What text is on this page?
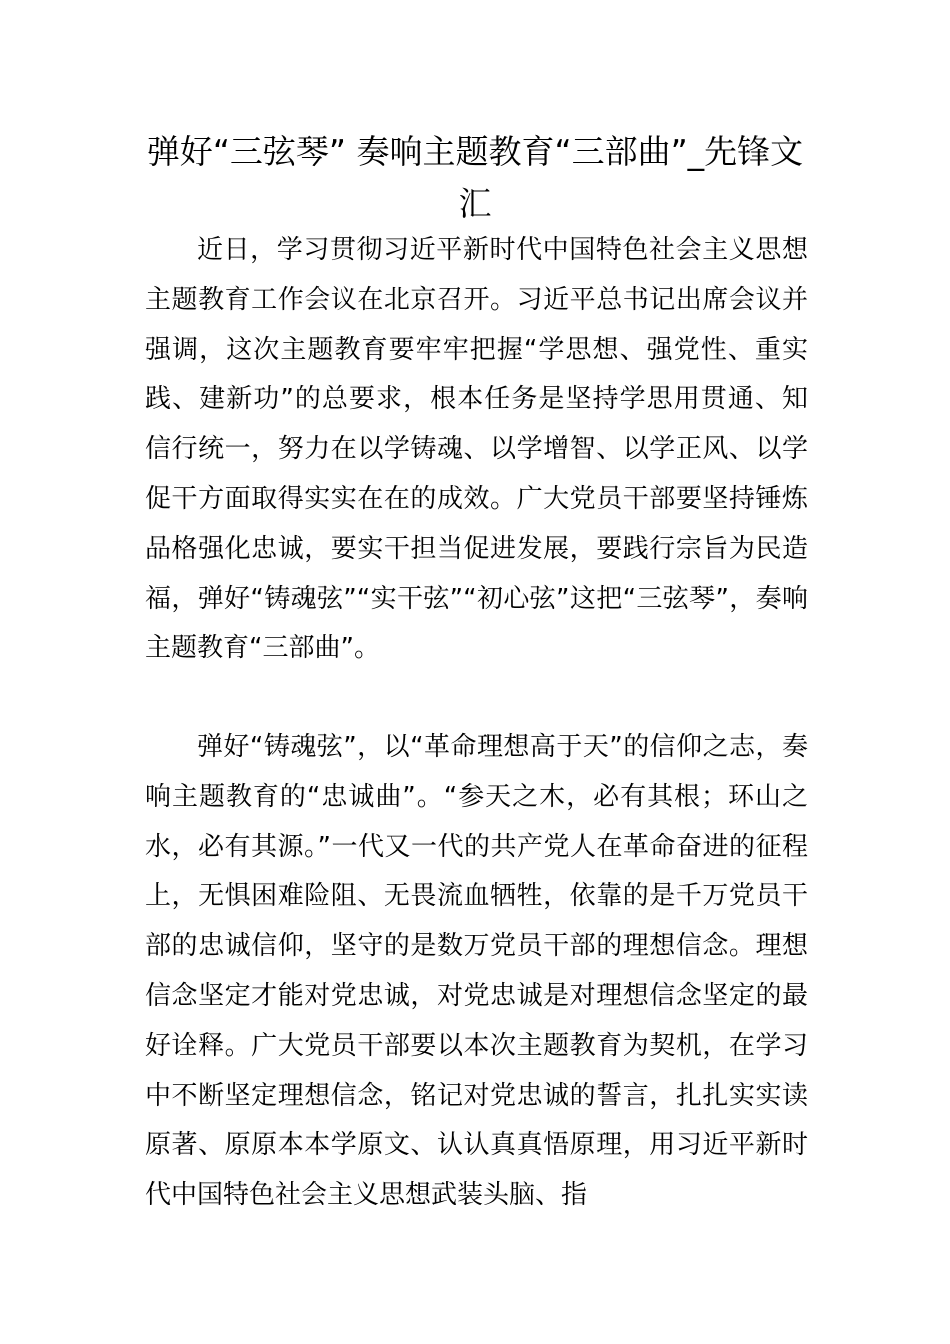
弹好“三弦琴” 奏响主题教育“三部曲”_先锋文汇

近日，学习贯彻习近平新时代中国特色社会主义思想主题教育工作会议在北京召开。习近平总书记出席会议并强调，这次主题教育要牢牢把握“学思想、强党性、重实践、建新功”的总要求，根本任务是坚持学思用贯通、知信行统一，努力在以学铸魂、以学增智、以学正风、以学促干方面取得实实在在的成效。广大党员干部要坚持锤炼品格强化忠诚，要实干担当促进发展，要践行宗旨为民造福，弹好“铸魂弦”“实干弦”“初心弦”这把“三弦琴”，奏响主题教育“三部曲”。

弹好“铸魂弦”，以“革命理想高于天”的信仰之志，奏响主题教育的“忠诚曲”。“参天之木，必有其根；环山之水，必有其源。”一代又一代的共产党人在革命奋进的征程上，无惧困难险阻、无畏流血牺牲，依靠的是千万党员干部的忠诚信仰，坚守的是数万党员干部的理想信念。理想信念坚定才能对党忠诚，对党忠诚是对理想信念坚定的最好诠释。广大党员干部要以本次主题教育为契机，在学习中不断坚定理想信念，铭记对党忠诚的誓言，扎扎实实读原著、原原本本学原文、认认真真悟原理，用习近平新时代中国特色社会主义思想武装头脑、指
